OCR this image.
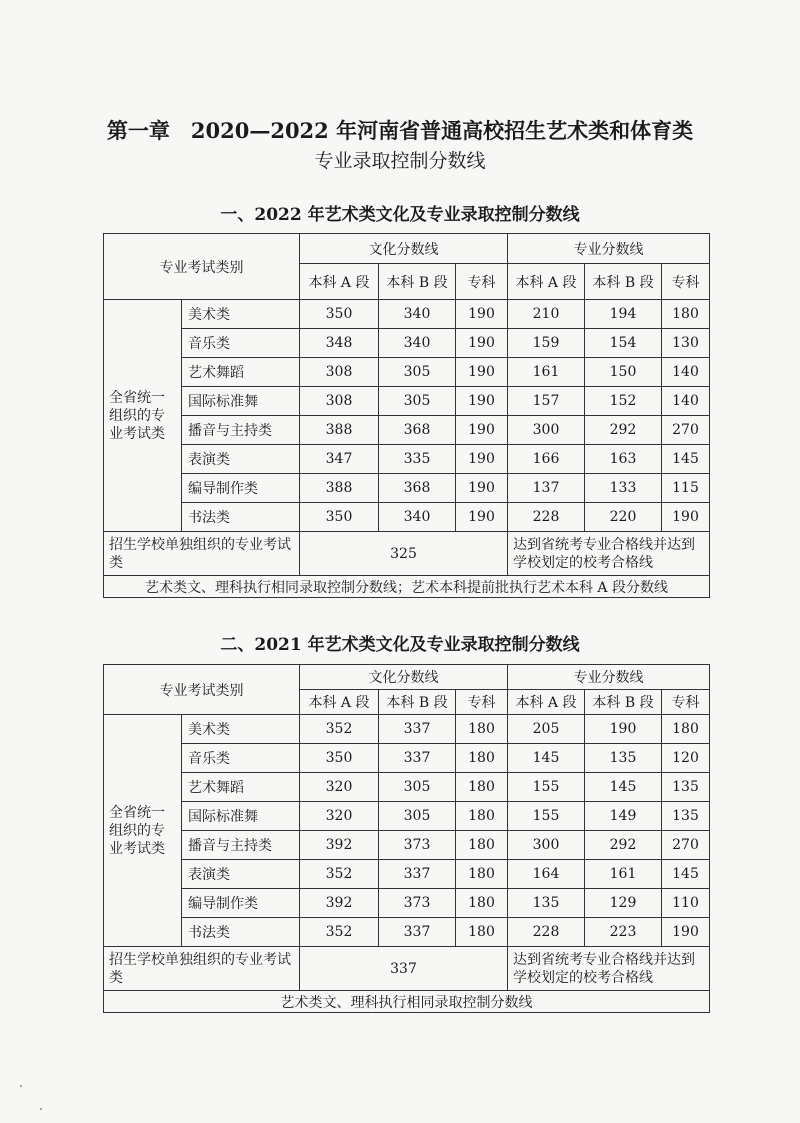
第一章　2020—2022 年河南省普通高校招生艺术类和体育类
专业录取控制分数线
一、2022 年艺术类文化及专业录取控制分数线
专业考试类别		文化分数线			专业分数线		
		本科 A 段	本科 B 段	专科	本科 A 段	本科 B 段	专科
全省统一组织的专业考试类	美术类	350	340	190	210	194	180
	音乐类	348	340	190	159	154	130
	艺术舞蹈	308	305	190	161	150	140
	国际标准舞	308	305	190	157	152	140
	播音与主持类	388	368	190	300	292	270
	表演类	347	335	190	166	163	145
	编导制作类	388	368	190	137	133	115
	书法类	350	340	190	228	220	190
招生学校单独组织的专业考试类		325			达到省统考专业合格线并达到学校划定的校考合格线		
艺术类文、理科执行相同录取控制分数线；艺术本科提前批执行艺术本科 A 段分数线							
二、2021 年艺术类文化及专业录取控制分数线
专业考试类别		文化分数线			专业分数线		
		本科 A 段	本科 B 段	专科	本科 A 段	本科 B 段	专科
全省统一组织的专业考试类	美术类	352	337	180	205	190	180
	音乐类	350	337	180	145	135	120
	艺术舞蹈	320	305	180	155	145	135
	国际标准舞	320	305	180	155	149	135
	播音与主持类	392	373	180	300	292	270
	表演类	352	337	180	164	161	145
	编导制作类	392	373	180	135	129	110
	书法类	352	337	180	228	223	190
招生学校单独组织的专业考试类		337			达到省统考专业合格线并达到学校划定的校考合格线		
艺术类文、理科执行相同录取控制分数线							
